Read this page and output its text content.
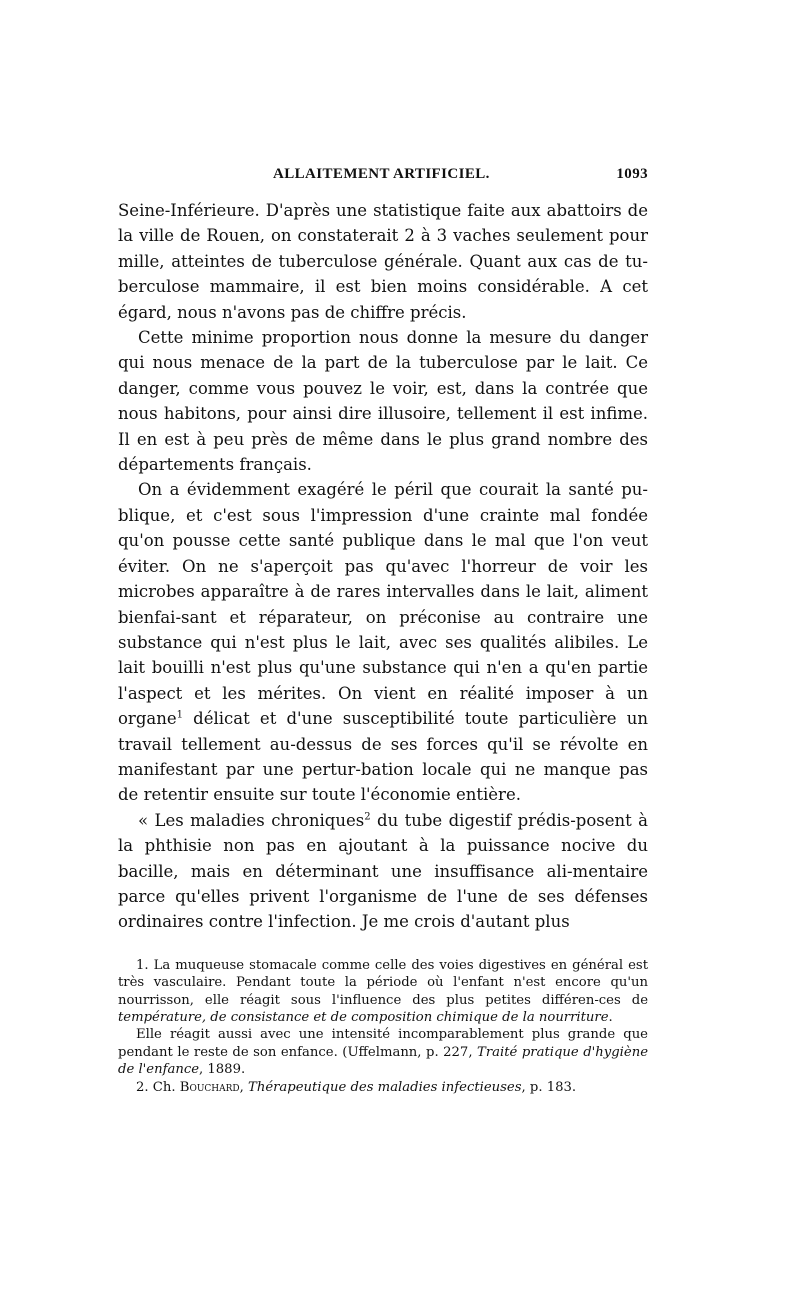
ALLAITEMENT ARTIFICIEL.	1093

Seine-Inférieure. D'après une statistique faite aux abattoirs de la ville de Rouen, on constaterait 2 à 3 vaches seulement pour mille, atteintes de tuberculose générale. Quant aux cas de tu-berculose mammaire, il est bien moins considérable. A cet égard, nous n'avons pas de chiffre précis.

Cette minime proportion nous donne la mesure du danger qui nous menace de la part de la tuberculose par le lait. Ce danger, comme vous pouvez le voir, est, dans la contrée que nous habitons, pour ainsi dire illusoire, tellement il est infime. Il en est à peu près de même dans le plus grand nombre des départements français.

On a évidemment exagéré le péril que courait la santé pu-blique, et c'est sous l'impression d'une crainte mal fondée qu'on pousse cette santé publique dans le mal que l'on veut éviter. On ne s'aperçoit pas qu'avec l'horreur de voir les microbes apparaître à de rares intervalles dans le lait, aliment bienfai-sant et réparateur, on préconise au contraire une substance qui n'est plus le lait, avec ses qualités alibiles. Le lait bouilli n'est plus qu'une substance qui n'en a qu'en partie l'aspect et les mérites. On vient en réalité imposer à un organe$^1$ délicat et d'une susceptibilité toute particulière un travail tellement au-dessus de ses forces qu'il se révolte en manifestant par une pertur-bation locale qui ne manque pas de retentir ensuite sur toute l'économie entière.

« Les maladies chroniques$^2$ du tube digestif prédis-posent à la phthisie non pas en ajoutant à la puissance nocive du bacille, mais en déterminant une insuffisance ali-mentaire parce qu'elles privent l'organisme de l'une de ses défenses ordinaires contre l'infection. Je me crois d'autant plus

1. La muqueuse stomacale comme celle des voies digestives en général est très vasculaire. Pendant toute la période où l'enfant n'est encore qu'un nourrisson, elle réagit sous l'influence des plus petites différen-ces de température, de consistance et de composition chimique de la nourriture.

Elle réagit aussi avec une intensité incomparablement plus grande que pendant le reste de son enfance. (Uffelmann, p. 227, Traité pratique d'hygiène de l'enfance, 1889.

2. Ch. Bouchard, Thérapeutique des maladies infectieuses, p. 183.
